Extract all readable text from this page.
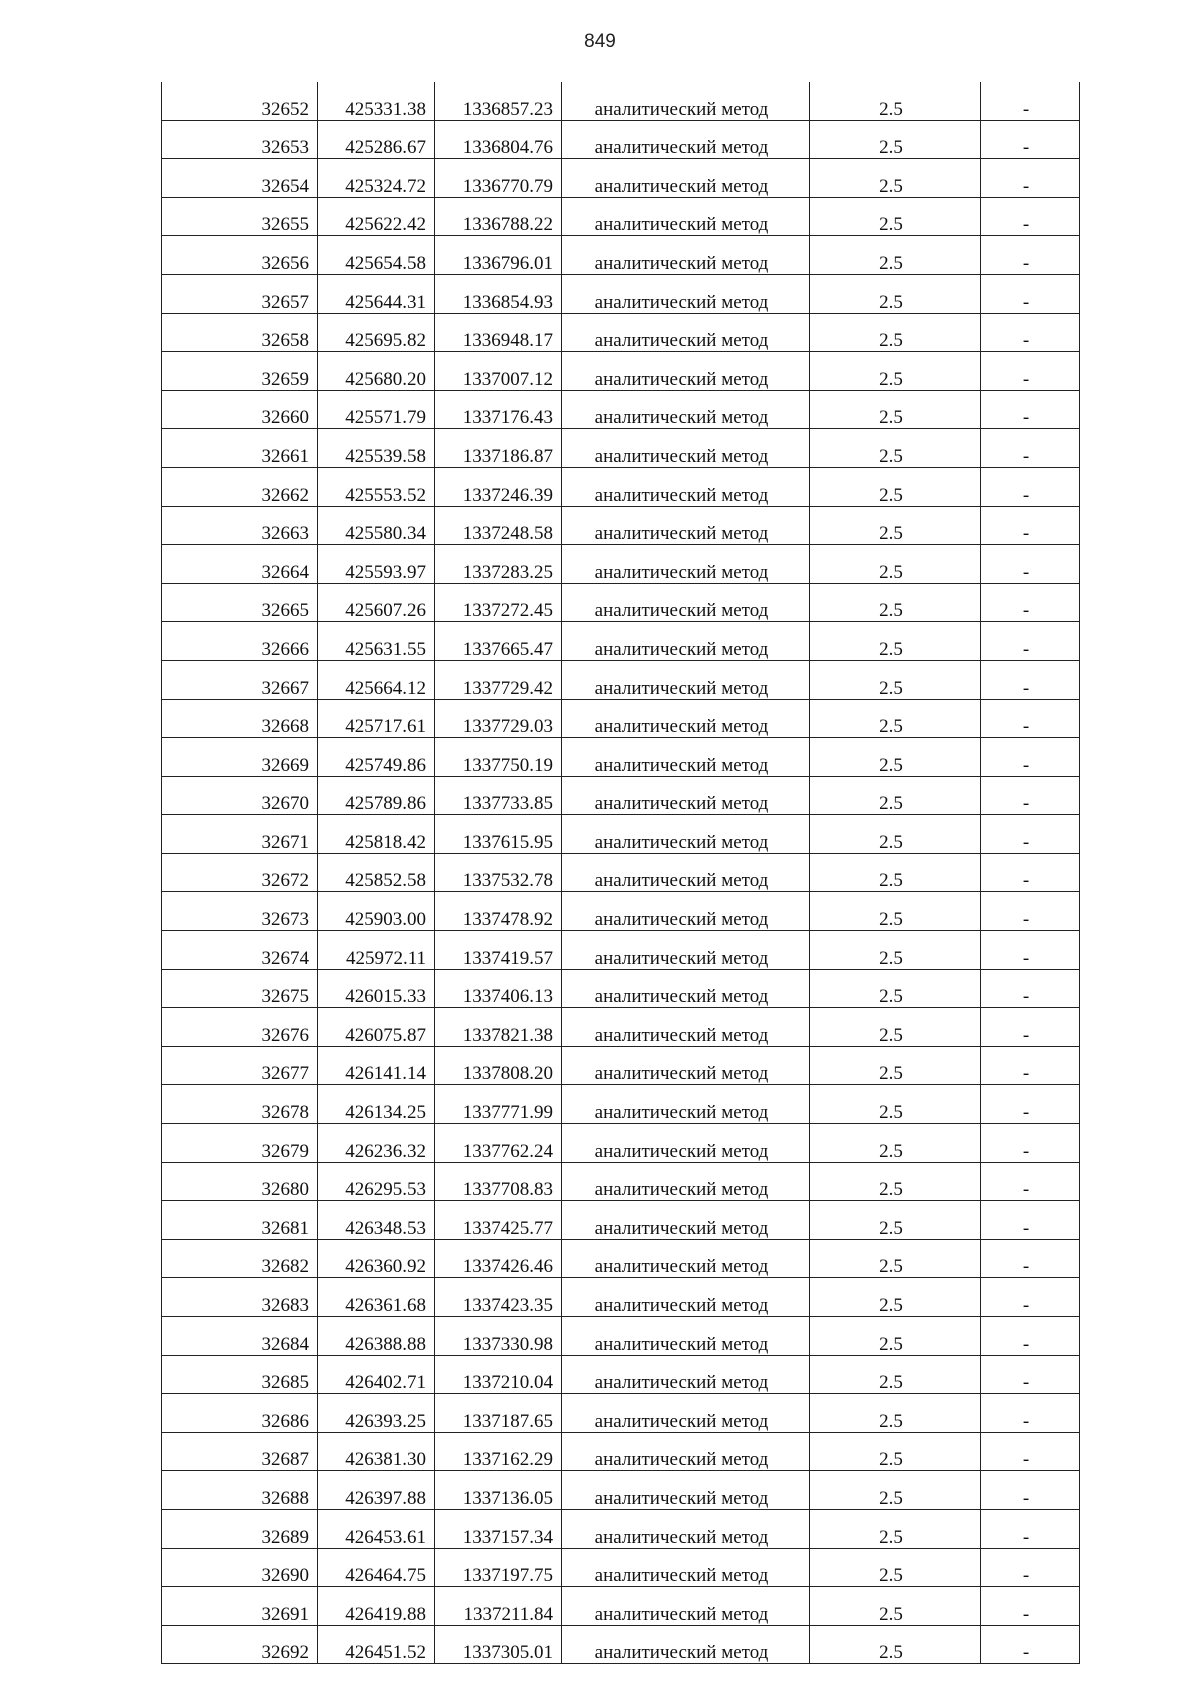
849
32652	425331.38	1336857.23	аналитический метод	2.5	-
32653	425286.67	1336804.76	аналитический метод	2.5	-
32654	425324.72	1336770.79	аналитический метод	2.5	-
32655	425622.42	1336788.22	аналитический метод	2.5	-
32656	425654.58	1336796.01	аналитический метод	2.5	-
32657	425644.31	1336854.93	аналитический метод	2.5	-
32658	425695.82	1336948.17	аналитический метод	2.5	-
32659	425680.20	1337007.12	аналитический метод	2.5	-
32660	425571.79	1337176.43	аналитический метод	2.5	-
32661	425539.58	1337186.87	аналитический метод	2.5	-
32662	425553.52	1337246.39	аналитический метод	2.5	-
32663	425580.34	1337248.58	аналитический метод	2.5	-
32664	425593.97	1337283.25	аналитический метод	2.5	-
32665	425607.26	1337272.45	аналитический метод	2.5	-
32666	425631.55	1337665.47	аналитический метод	2.5	-
32667	425664.12	1337729.42	аналитический метод	2.5	-
32668	425717.61	1337729.03	аналитический метод	2.5	-
32669	425749.86	1337750.19	аналитический метод	2.5	-
32670	425789.86	1337733.85	аналитический метод	2.5	-
32671	425818.42	1337615.95	аналитический метод	2.5	-
32672	425852.58	1337532.78	аналитический метод	2.5	-
32673	425903.00	1337478.92	аналитический метод	2.5	-
32674	425972.11	1337419.57	аналитический метод	2.5	-
32675	426015.33	1337406.13	аналитический метод	2.5	-
32676	426075.87	1337821.38	аналитический метод	2.5	-
32677	426141.14	1337808.20	аналитический метод	2.5	-
32678	426134.25	1337771.99	аналитический метод	2.5	-
32679	426236.32	1337762.24	аналитический метод	2.5	-
32680	426295.53	1337708.83	аналитический метод	2.5	-
32681	426348.53	1337425.77	аналитический метод	2.5	-
32682	426360.92	1337426.46	аналитический метод	2.5	-
32683	426361.68	1337423.35	аналитический метод	2.5	-
32684	426388.88	1337330.98	аналитический метод	2.5	-
32685	426402.71	1337210.04	аналитический метод	2.5	-
32686	426393.25	1337187.65	аналитический метод	2.5	-
32687	426381.30	1337162.29	аналитический метод	2.5	-
32688	426397.88	1337136.05	аналитический метод	2.5	-
32689	426453.61	1337157.34	аналитический метод	2.5	-
32690	426464.75	1337197.75	аналитический метод	2.5	-
32691	426419.88	1337211.84	аналитический метод	2.5	-
32692	426451.52	1337305.01	аналитический метод	2.5	-
